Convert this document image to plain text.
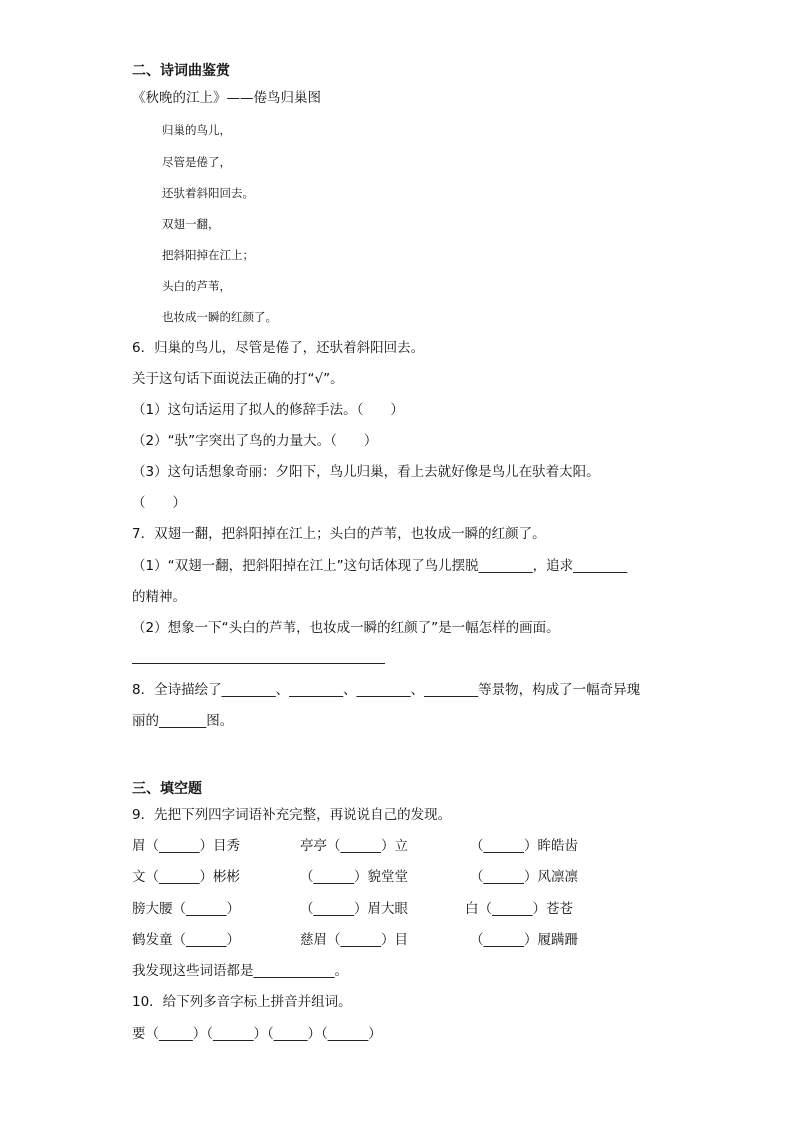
二、诗词曲鉴赏
《秋晚的江上》——倦鸟归巢图
归巢的鸟儿，
尽管是倦了，
还驮着斜阳回去。
双翅一翻，
把斜阳掉在江上；
头白的芦苇，
也妆成一瞬的红颜了。
6．归巢的鸟儿，尽管是倦了，还驮着斜阳回去。
关于这句话下面说法正确的打“√”。
（1）这句话运用了拟人的修辞手法。（　　）
（2）“驮”字突出了鸟的力量大。（　　）
（3）这句话想象奇丽：夕阳下，鸟儿归巢，看上去就好像是鸟儿在驮着太阳。
（　　）
7．双翅一翻，把斜阳掉在江上；头白的芦苇，也妆成一瞬的红颜了。
（1）“双翅一翻，把斜阳掉在江上”这句话体现了鸟儿摆脱________，追求________
的精神。
（2）想象一下“头白的芦苇，也妆成一瞬的红颜了”是一幅怎样的画面。
8．全诗描绘了________、________、________、________等景物，构成了一幅奇异瑰
丽的_______图。
三、填空题
9．先把下列四字词语补充完整，再说说自己的发现。
眉（______）目秀	亭亭（______）立	（______）眸皓齿
文（______）彬彬	（______）貌堂堂	（______）风凛凛
膀大腰（______）	（______）眉大眼	白（______）苍苍
鹤发童（______）	慈眉（______）目	（______）履蹒跚
我发现这些词语都是____________。
10．给下列多音字标上拼音并组词。
要（_____）（______）（_____）（______）
